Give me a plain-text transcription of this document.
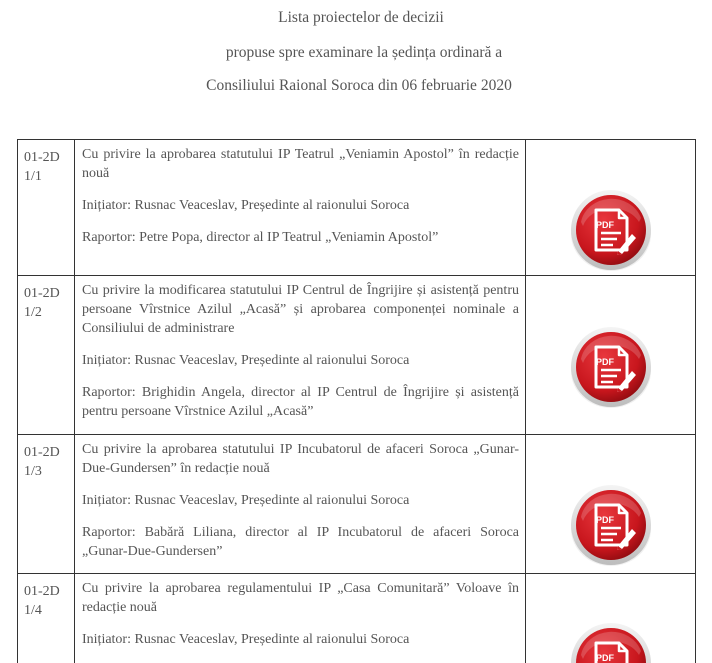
Lista proiectelor de decizii
propuse spre examinare la ședința ordinară a
Consiliului Raional Soroca din 06 februarie 2020
01-2D 1/1	Cu privire la aprobarea statutului IP Teatrul „Veniamin Apostol” în redacție nouă

Inițiator: Rusnac Veaceslav, Președinte al raionului Soroca

Raportor: Petre Popa, director al IP Teatrul „Veniamin Apostol”	PDF

01-2D 1/2	Cu privire la modificarea statutului IP Centrul de Îngrijire și asistență pentru persoane Vîrstnice Azilul „Acasă” și aprobarea componenței nominale a Consiliului de administrare

Inițiator: Rusnac Veaceslav, Președinte al raionului Soroca

Raportor: Brighidin Angela, director al IP Centrul de Îngrijire și asistență pentru persoane Vîrstnice Azilul „Acasă”	PDF

01-2D 1/3	Cu privire la aprobarea statutului IP Incubatorul de afaceri Soroca „Gunar-Due-Gundersen” în redacție nouă

Inițiator: Rusnac Veaceslav, Președinte al raionului Soroca

Raportor: Babără Liliana, director al IP Incubatorul de afaceri Soroca „Gunar-Due-Gundersen”	PDF

01-2D 1/4	Cu privire la aprobarea regulamentului IP „Casa Comunitară” Voloave în redacție nouă

Inițiator: Rusnac Veaceslav, Președinte al raionului Soroca	PDF
